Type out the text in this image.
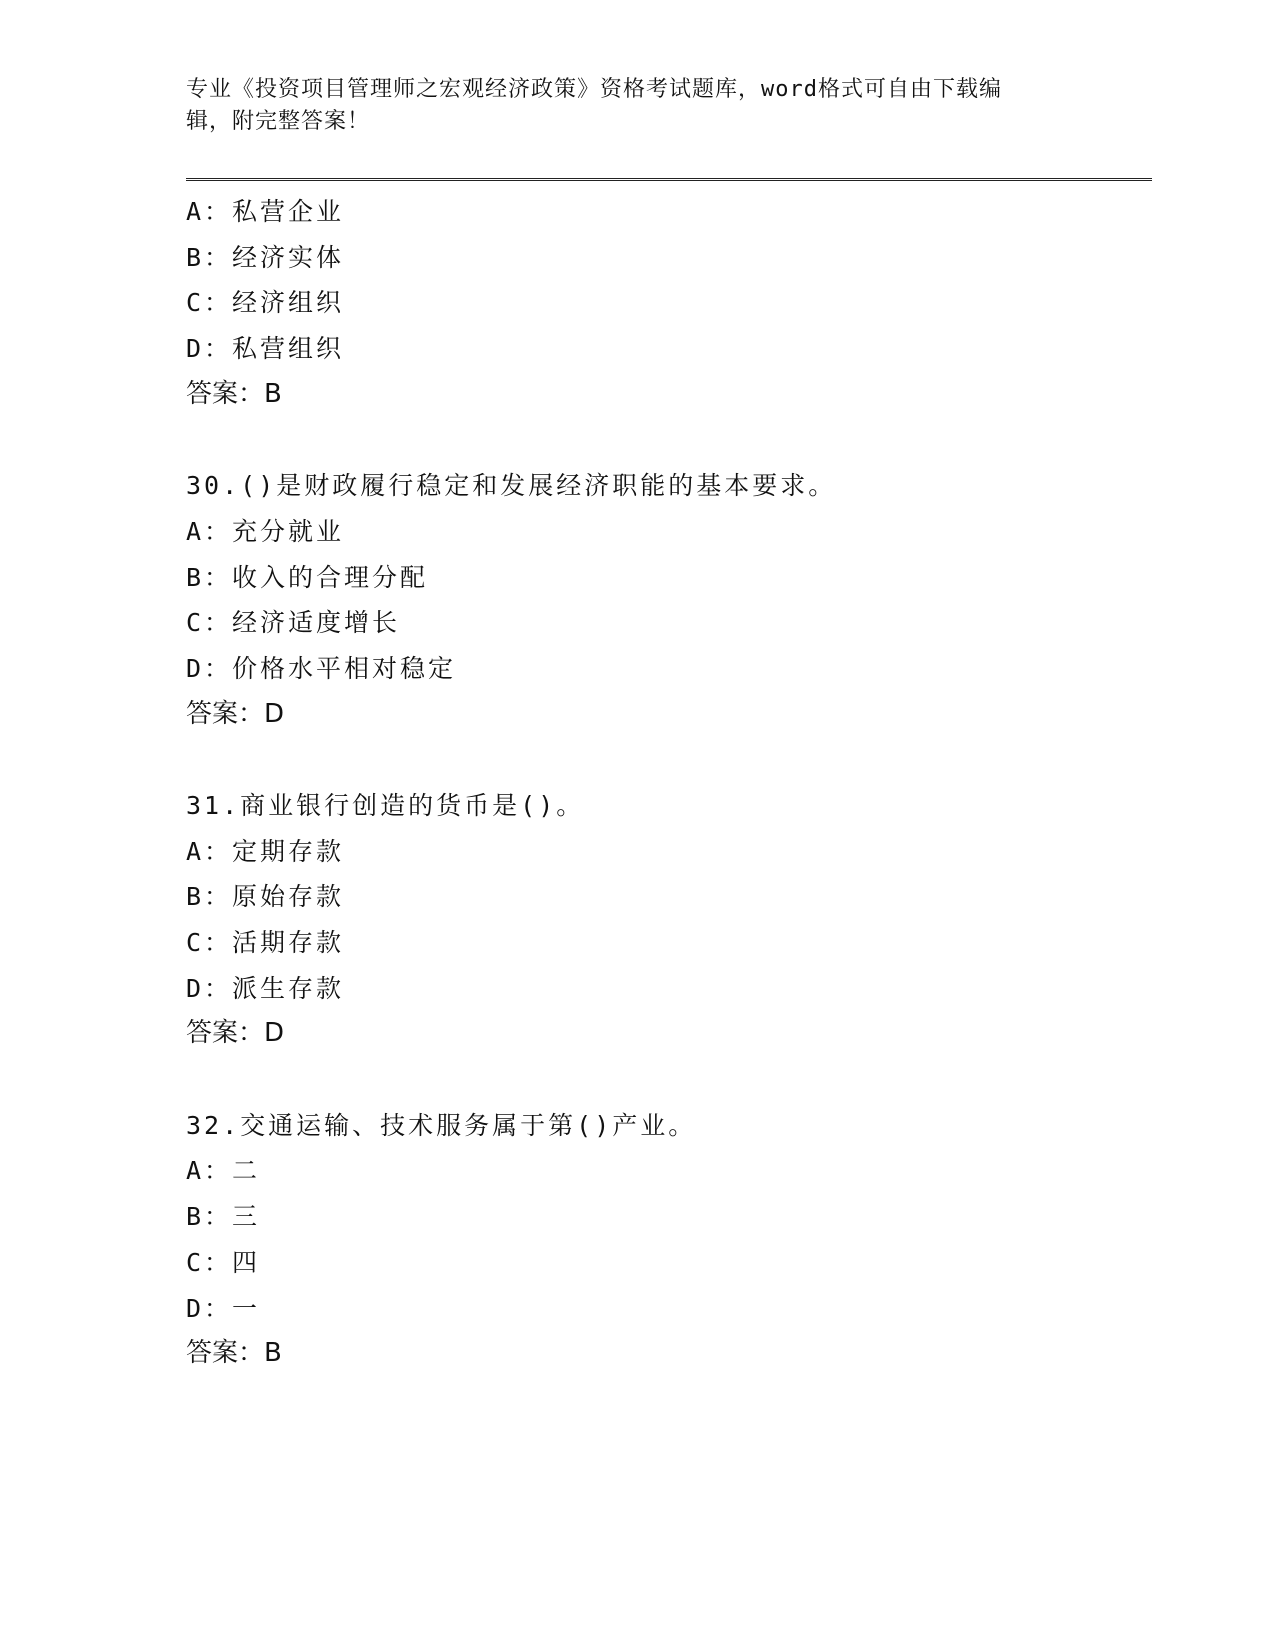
专业《投资项目管理师之宏观经济政策》资格考试题库，word格式可自由下载编
辑，附完整答案！
A：私营企业
B：经济实体
C：经济组织
D：私营组织
答案：B
30.()是财政履行稳定和发展经济职能的基本要求。
A：充分就业
B：收入的合理分配
C：经济适度增长
D：价格水平相对稳定
答案：D
31.商业银行创造的货币是()。
A：定期存款
B：原始存款
C：活期存款
D：派生存款
答案：D
32.交通运输、技术服务属于第()产业。
A：二
B：三
C：四
D：一
答案：B
